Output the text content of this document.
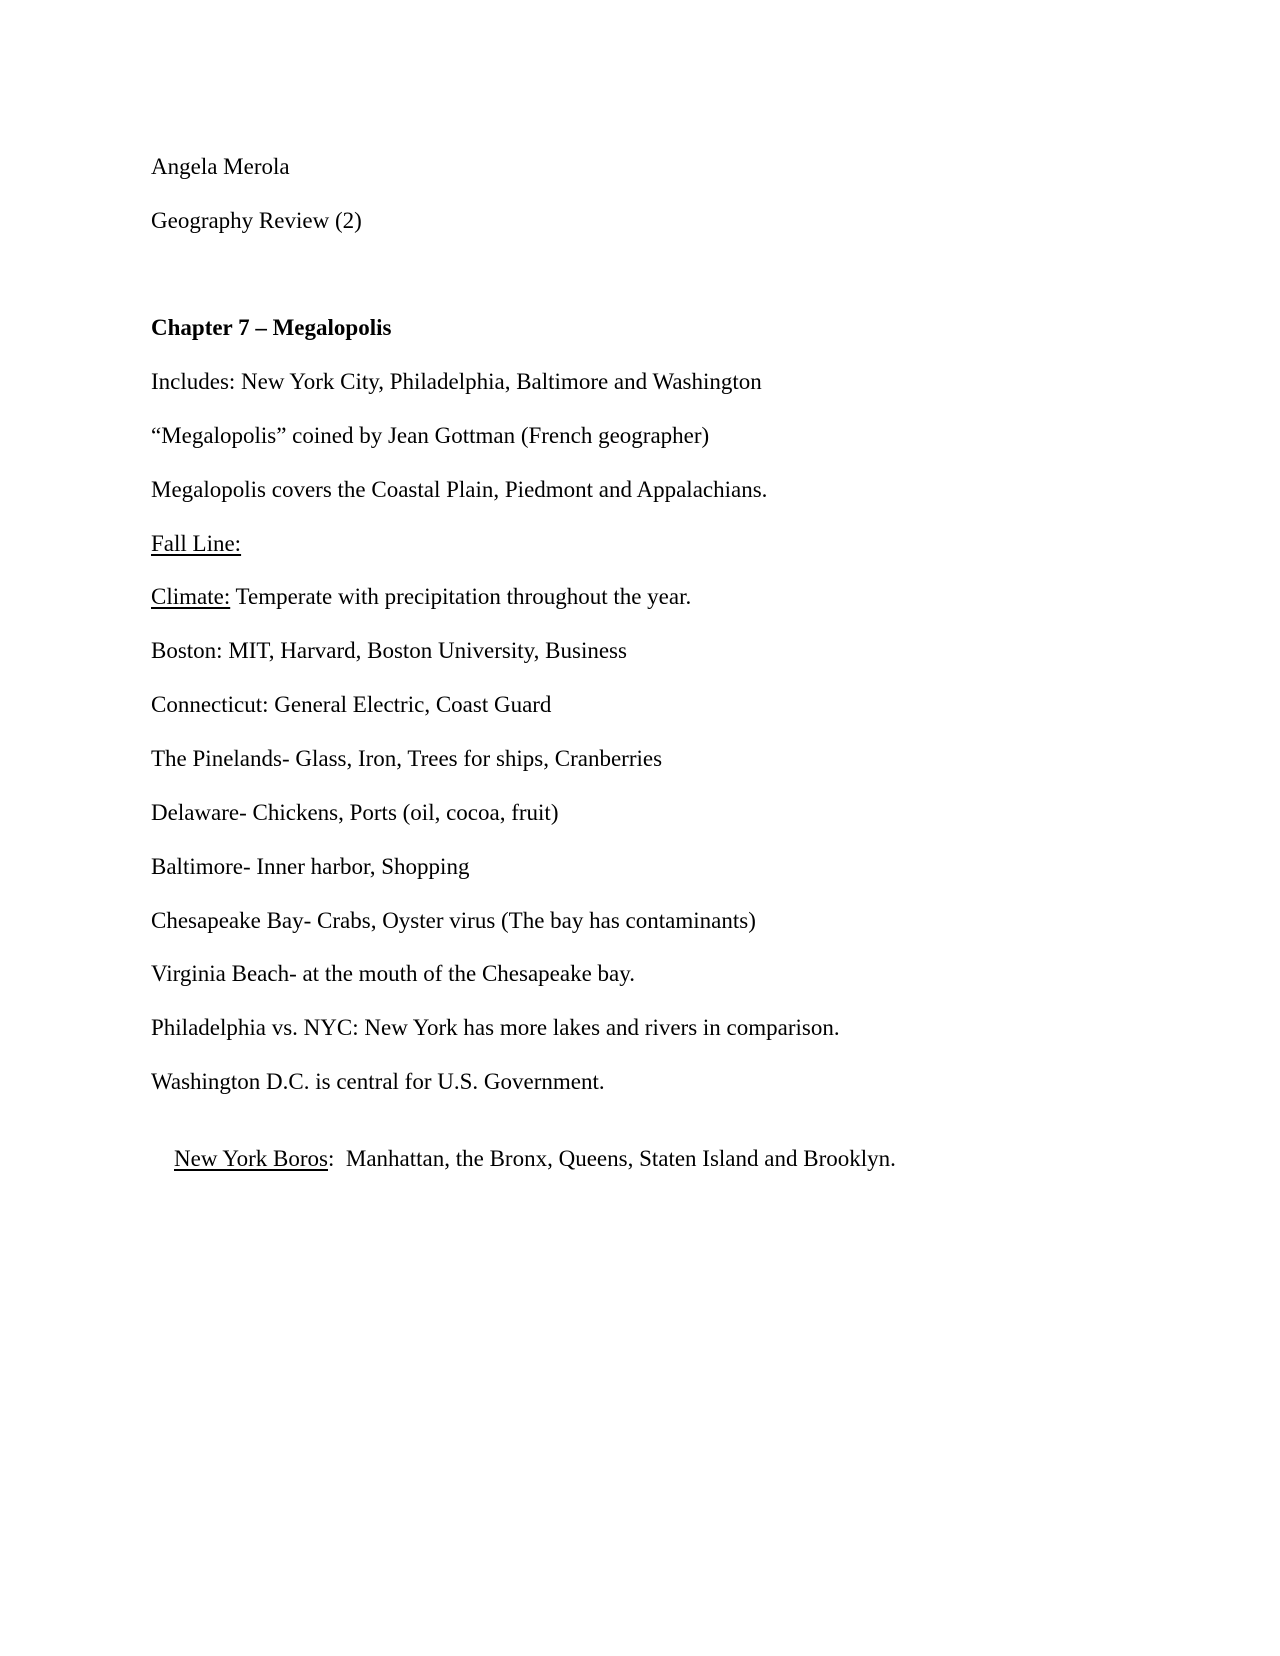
Angela Merola
Geography Review (2)
Chapter 7 – Megalopolis
Includes: New York City, Philadelphia, Baltimore and Washington
“Megalopolis” coined by Jean Gottman (French geographer)
Megalopolis covers the Coastal Plain, Piedmont and Appalachians.
Fall Line:
Climate: Temperate with precipitation throughout the year.
Boston: MIT, Harvard, Boston University, Business
Connecticut: General Electric, Coast Guard
The Pinelands- Glass, Iron, Trees for ships, Cranberries
Delaware- Chickens, Ports (oil, cocoa, fruit)
Baltimore- Inner harbor, Shopping
Chesapeake Bay- Crabs, Oyster virus (The bay has contaminants)
Virginia Beach- at the mouth of the Chesapeake bay.
Philadelphia vs. NYC: New York has more lakes and rivers in comparison.
Washington D.C. is central for U.S. Government.

New York Boros:  Manhattan, the Bronx, Queens, Staten Island and Brooklyn.
